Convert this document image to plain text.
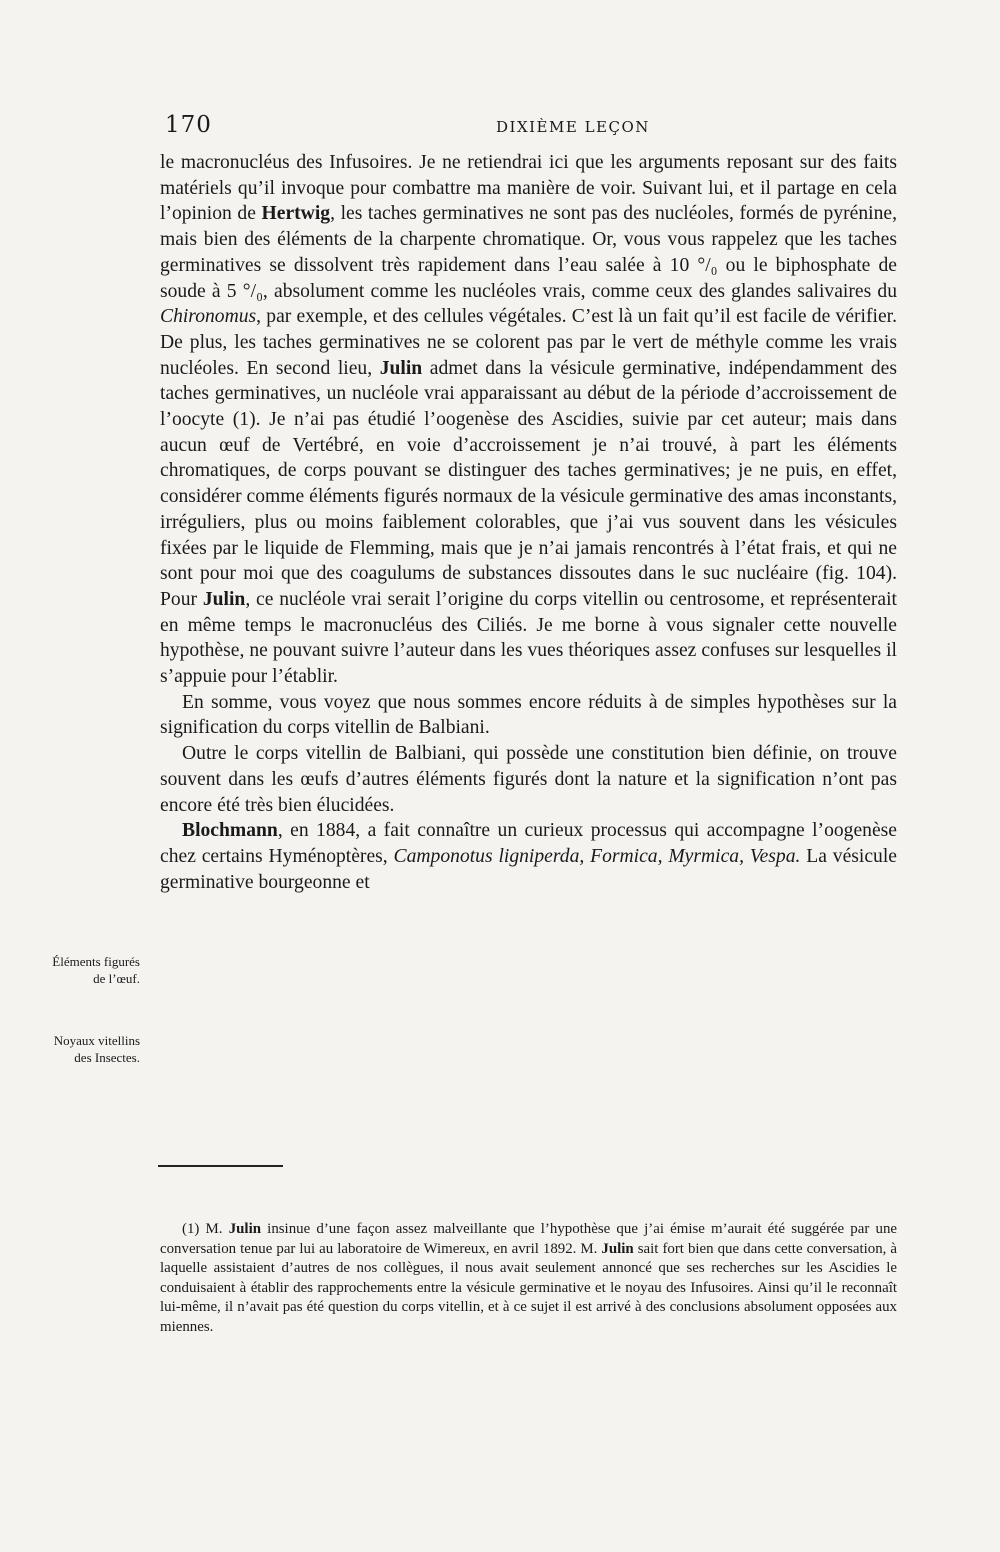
170	DIXIÈME LEÇON

le macronucléus des Infusoires. Je ne retiendrai ici que les arguments reposant sur des faits matériels qu’il invoque pour combattre ma manière de voir. Suivant lui, et il partage en cela l’opinion de Hertwig, les taches germinatives ne sont pas des nucléoles, formés de pyrénine, mais bien des éléments de la charpente chromatique. Or, vous vous rappelez que les taches germinatives se dissolvent très rapidement dans l’eau salée à 10 °/₀ ou le biphosphate de soude à 5 °/₀, absolument comme les nucléoles vrais, comme ceux des glandes salivaires du Chironomus, par exemple, et des cellules végétales. C’est là un fait qu’il est facile de vérifier. De plus, les taches germinatives ne se colorent pas par le vert de méthyle comme les vrais nucléoles. En second lieu, Julin admet dans la vésicule germinative, indépendamment des taches germinatives, un nucléole vrai apparaissant au début de la période d’accroissement de l’oocyte (1). Je n’ai pas étudié l’oogenèse des Ascidies, suivie par cet auteur; mais dans aucun œuf de Vertébré, en voie d’accroissement je n’ai trouvé, à part les éléments chromatiques, de corps pouvant se distinguer des taches germinatives; je ne puis, en effet, considérer comme éléments figurés normaux de la vésicule germinative des amas inconstants, irréguliers, plus ou moins faiblement colorables, que j’ai vus souvent dans les vésicules fixées par le liquide de Flemming, mais que je n’ai jamais rencontrés à l’état frais, et qui ne sont pour moi que des coagulums de substances dissoutes dans le suc nucléaire (fig. 104). Pour Julin, ce nucléole vrai serait l’origine du corps vitellin ou centrosome, et représenterait en même temps le macronucléus des Ciliés. Je me borne à vous signaler cette nouvelle hypothèse, ne pouvant suivre l’auteur dans les vues théoriques assez confuses sur lesquelles il s’appuie pour l’établir.

En somme, vous voyez que nous sommes encore réduits à de simples hypothèses sur la signification du corps vitellin de Balbiani.

Outre le corps vitellin de Balbiani, qui possède une constitution bien définie, on trouve souvent dans les œufs d’autres éléments figurés dont la nature et la signification n’ont pas encore été très bien élucidées.

Blochmann, en 1884, a fait connaître un curieux processus qui accompagne l’oogenèse chez certains Hyménoptères, Camponotus ligniperda, Formica, Myrmica, Vespa. La vésicule germinative bourgeonne et

Éléments figurés de l’œuf.
Noyaux vitellins des Insectes.

(1) M. Julin insinue d’une façon assez malveillante que l’hypothèse que j’ai émise m’aurait été suggérée par une conversation tenue par lui au laboratoire de Wimereux, en avril 1892. M. Julin sait fort bien que dans cette conversation, à laquelle assistaient d’autres de nos collègues, il nous avait seulement annoncé que ses recherches sur les Ascidies le conduisaient à établir des rapprochements entre la vésicule germinative et le noyau des Infusoires. Ainsi qu’il le reconnaît lui-même, il n’avait pas été question du corps vitellin, et à ce sujet il est arrivé à des conclusions absolument opposées aux miennes.
